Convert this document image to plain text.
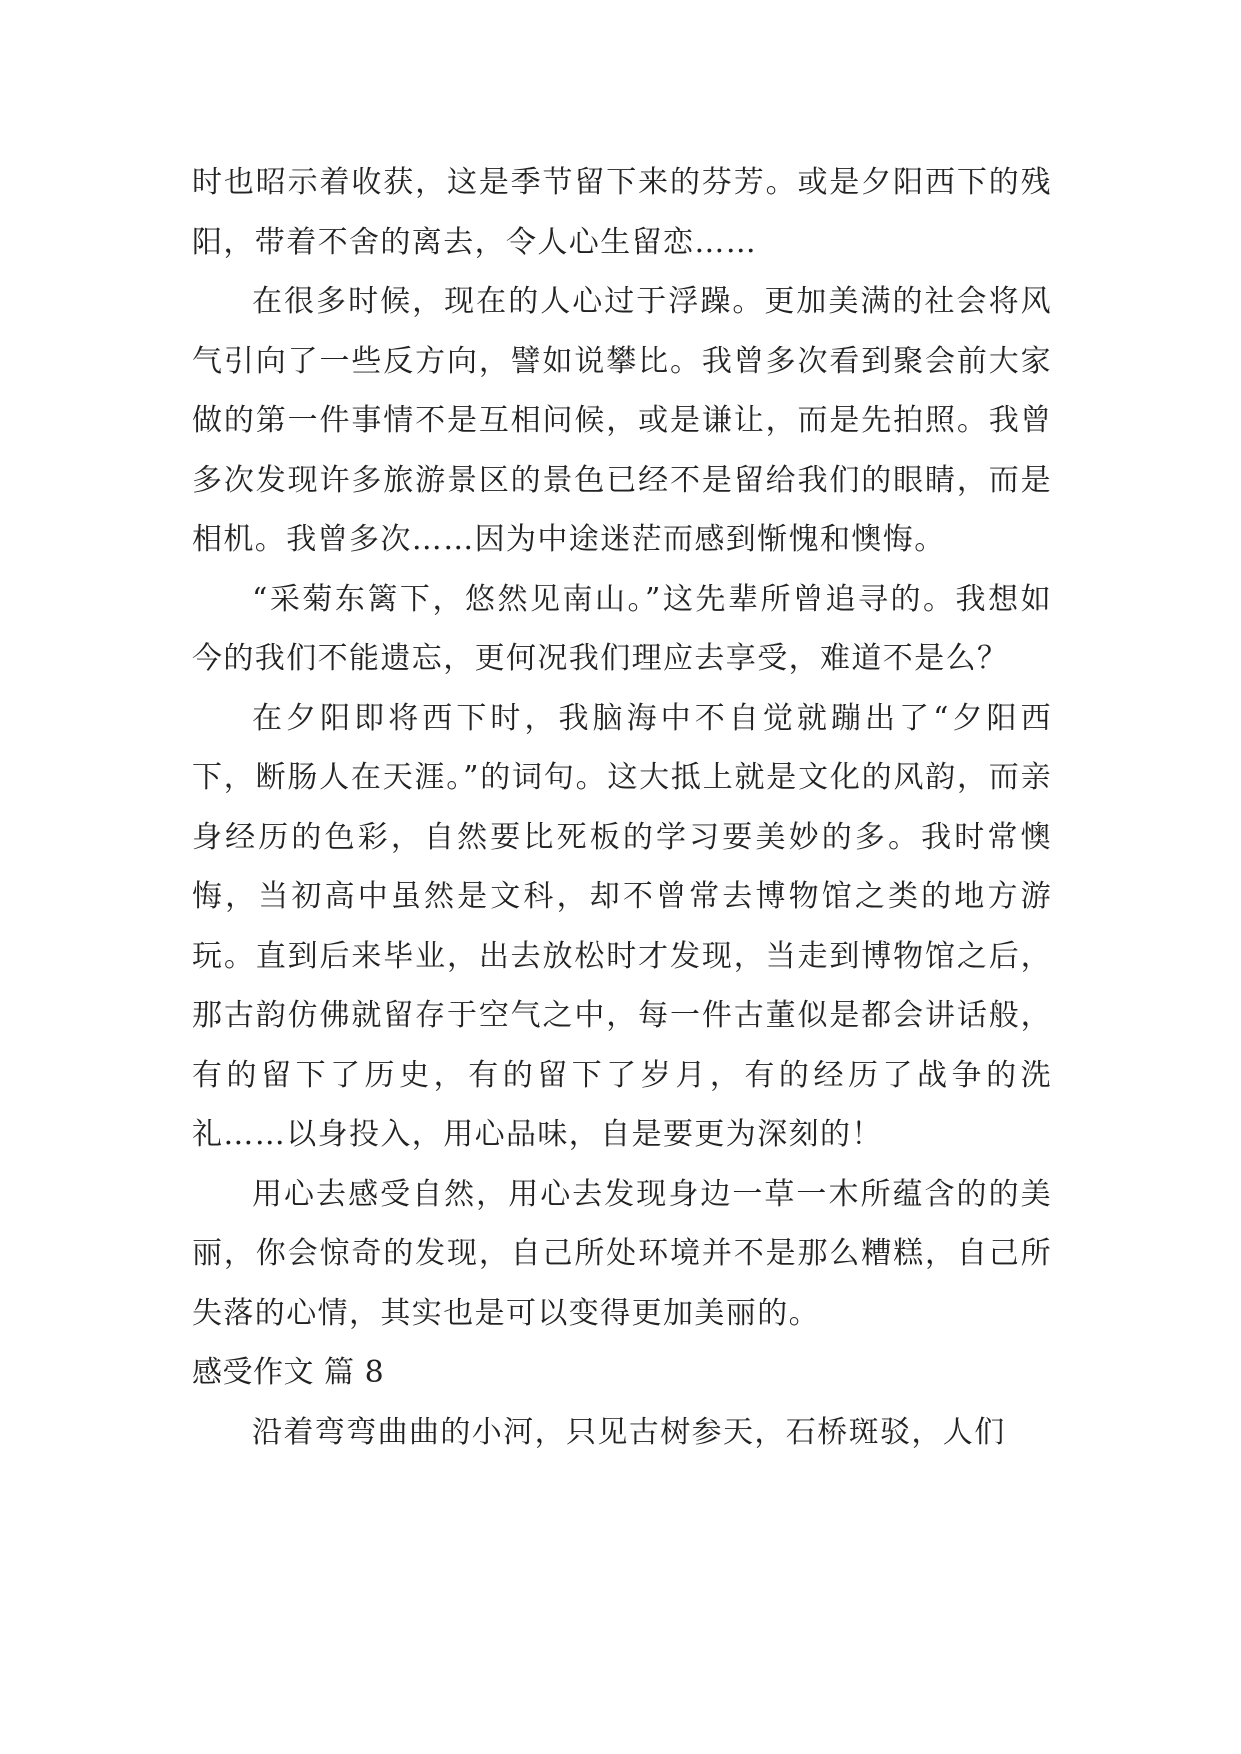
时也昭示着收获，这是季节留下来的芬芳。或是夕阳西下的残阳，带着不舍的离去，令人心生留恋……

在很多时候，现在的人心过于浮躁。更加美满的社会将风气引向了一些反方向，譬如说攀比。我曾多次看到聚会前大家做的第一件事情不是互相问候，或是谦让，而是先拍照。我曾多次发现许多旅游景区的景色已经不是留给我们的眼睛，而是相机。我曾多次……因为中途迷茫而感到惭愧和懊悔。

“采菊东篱下，悠然见南山。”这先辈所曾追寻的。我想如今的我们不能遗忘，更何况我们理应去享受，难道不是么？

在夕阳即将西下时，我脑海中不自觉就蹦出了“夕阳西下，断肠人在天涯。”的词句。这大抵上就是文化的风韵，而亲身经历的色彩，自然要比死板的学习要美妙的多。我时常懊悔，当初高中虽然是文科，却不曾常去博物馆之类的地方游玩。直到后来毕业，出去放松时才发现，当走到博物馆之后，那古韵仿佛就留存于空气之中，每一件古董似是都会讲话般，有的留下了历史，有的留下了岁月，有的经历了战争的洗礼……以身投入，用心品味，自是要更为深刻的！

用心去感受自然，用心去发现身边一草一木所蕴含的的美丽，你会惊奇的发现，自己所处环境并不是那么糟糕，自己所失落的心情，其实也是可以变得更加美丽的。

感受作文 篇 8

沿着弯弯曲曲的小河，只见古树参天，石桥斑驳，人们
